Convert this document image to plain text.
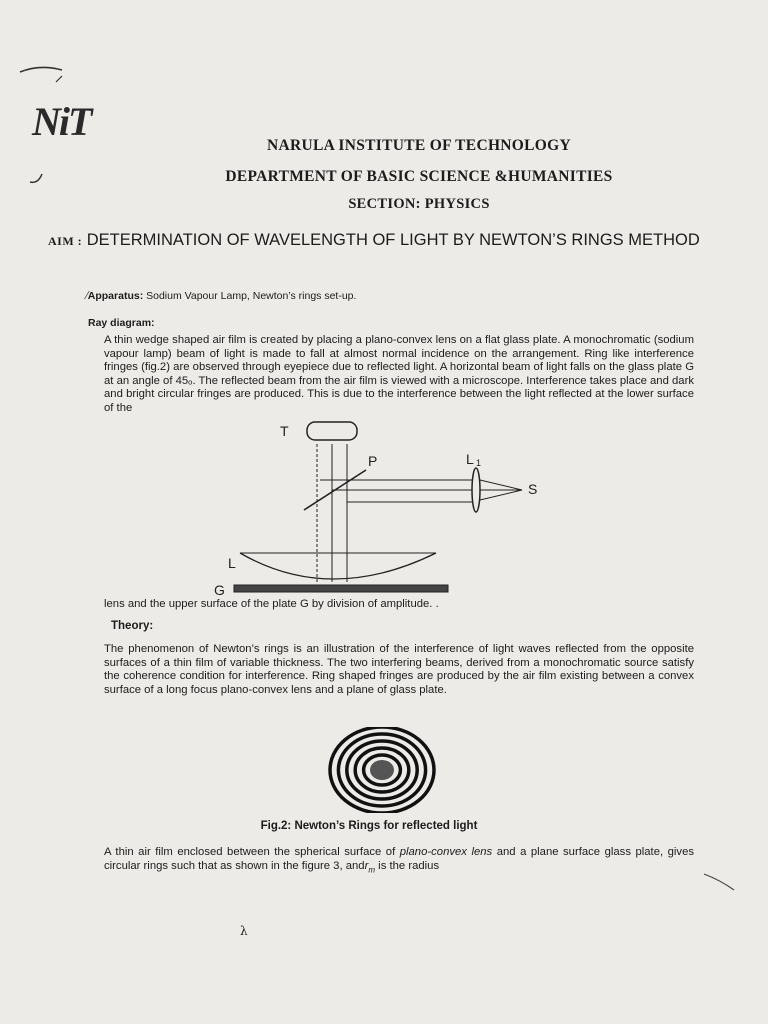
NiT
NARULA INSTITUTE OF TECHNOLOGY
DEPARTMENT OF BASIC SCIENCE &HUMANITIES
SECTION: PHYSICS
AIM : DETERMINATION OF WAVELENGTH OF LIGHT BY NEWTON’S RINGS METHOD
⁄Apparatus: Sodium Vapour Lamp, Newton’s rings set-up.
Ray diagram:
A thin wedge shaped air film is created by placing a plano-convex lens on a flat glass plate. A monochromatic (sodium vapour lamp) beam of light is made to fall at almost normal incidence on the arrangement. Ring like interference fringes (fig.2) are observed through eyepiece due to reflected light. A horizontal beam of light falls on the glass plate G at an angle of 45ₒ. The reflected beam from the air film is viewed with a microscope. Interference takes place and dark and bright circular fringes are produced. This is due to the interference between the light reflected at the lower surface of the
T
P	L 1
S
L
G
lens and the upper surface of the plate G by division of amplitude. .
Theory:
The phenomenon of Newton’s rings is an illustration of the interference of light waves reflected from the opposite surfaces of a thin film of variable thickness. The two interfering beams, derived from a monochromatic source satisfy the coherence condition for interference. Ring shaped fringes are produced by the air film existing between a convex surface of a long focus plano-convex lens and a plane of glass plate.
Fig.2: Newton’s Rings for reflected light
A thin air film enclosed between the spherical surface of plano-convex lens and a plane surface glass plate, gives circular rings such that as shown in the figure 3, andr$_m$ is the radius
λ
